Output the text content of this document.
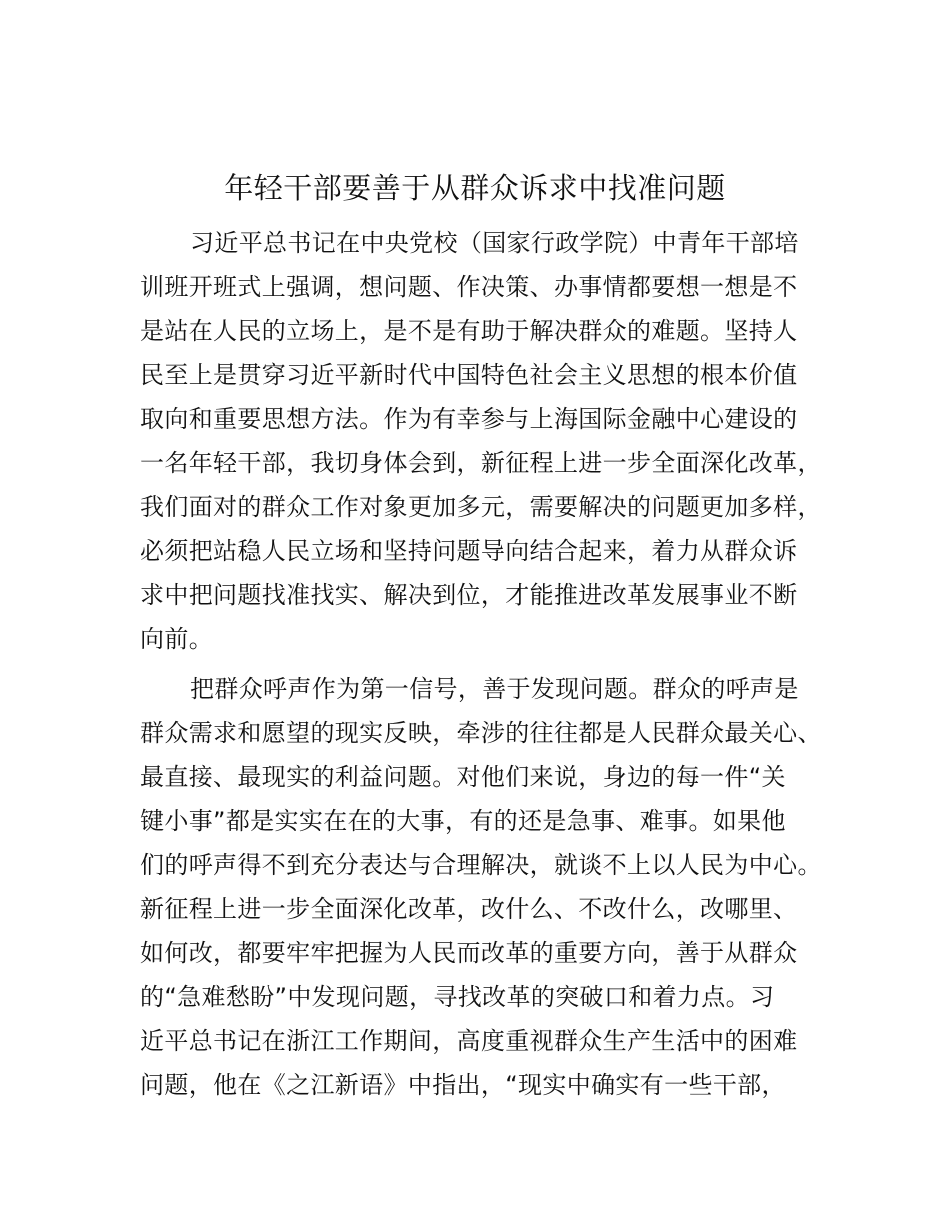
年轻干部要善于从群众诉求中找准问题
习近平总书记在中央党校（国家行政学院）中青年干部培
训班开班式上强调，想问题、作决策、办事情都要想一想是不
是站在人民的立场上，是不是有助于解决群众的难题。坚持人
民至上是贯穿习近平新时代中国特色社会主义思想的根本价值
取向和重要思想方法。作为有幸参与上海国际金融中心建设的
一名年轻干部，我切身体会到，新征程上进一步全面深化改革，
我们面对的群众工作对象更加多元，需要解决的问题更加多样，
必须把站稳人民立场和坚持问题导向结合起来，着力从群众诉
求中把问题找准找实、解决到位，才能推进改革发展事业不断
向前。
把群众呼声作为第一信号，善于发现问题。群众的呼声是
群众需求和愿望的现实反映，牵涉的往往都是人民群众最关心、
最直接、最现实的利益问题。对他们来说，身边的每一件“关
键小事”都是实实在在的大事，有的还是急事、难事。如果他
们的呼声得不到充分表达与合理解决，就谈不上以人民为中心。
新征程上进一步全面深化改革，改什么、不改什么，改哪里、
如何改，都要牢牢把握为人民而改革的重要方向，善于从群众
的“急难愁盼”中发现问题，寻找改革的突破口和着力点。习
近平总书记在浙江工作期间，高度重视群众生产生活中的困难
问题，他在《之江新语》中指出，“现实中确实有一些干部，
